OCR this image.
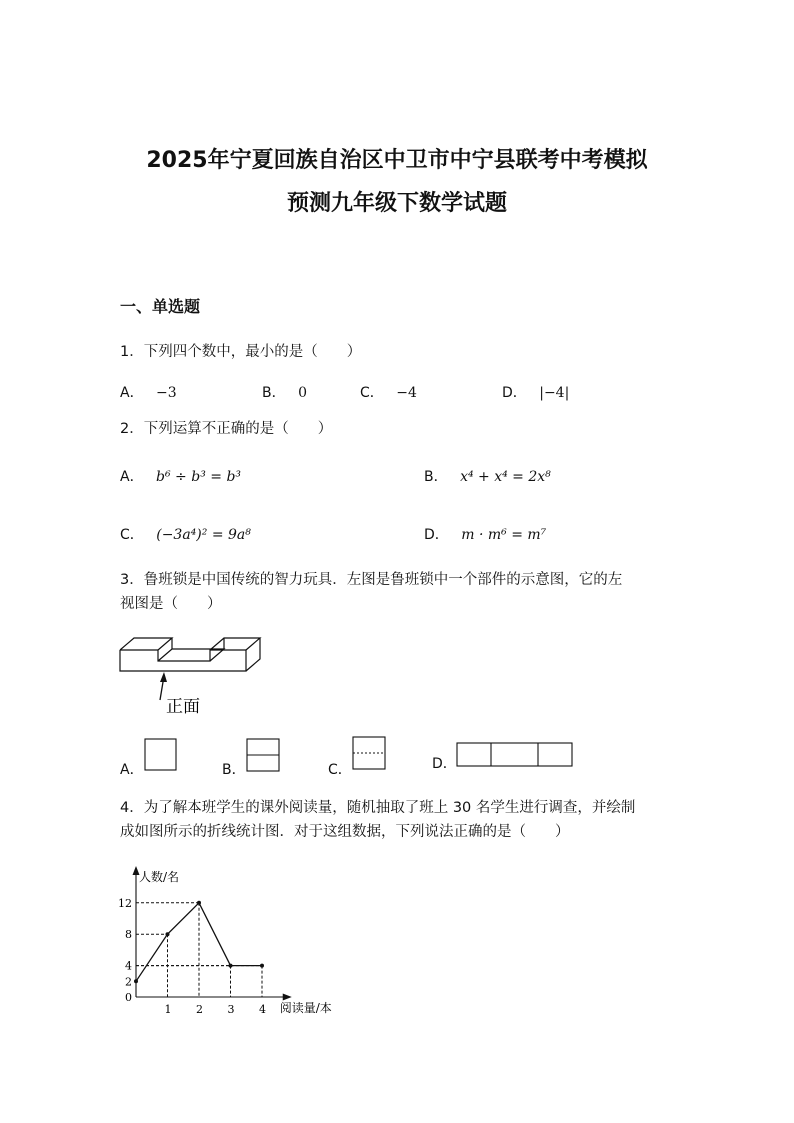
2025年宁夏回族自治区中卫市中宁县联考中考模拟
预测九年级下数学试题
一、单选题
1．下列四个数中，最小的是（　　）
A． −3	B． 0	C． −4	D． |−4|
2．下列运算不正确的是（　　）
A． b⁶ ÷ b³ = b³	B． x⁴ + x⁴ = 2x⁸
C． (−3a⁴)² = 9a⁸	D． m · m⁶ = m⁷
3．鲁班锁是中国传统的智力玩具．左图是鲁班锁中一个部件的示意图，它的左
视图是（　　）
正面
A．	B．	C．	D．
4．为了解本班学生的课外阅读量，随机抽取了班上 30 名学生进行调查，并绘制
成如图所示的折线统计图．对于这组数据，下列说法正确的是（　　）
人数/名
阅读量/本
0
1 2 3 4
2
4
8
12
